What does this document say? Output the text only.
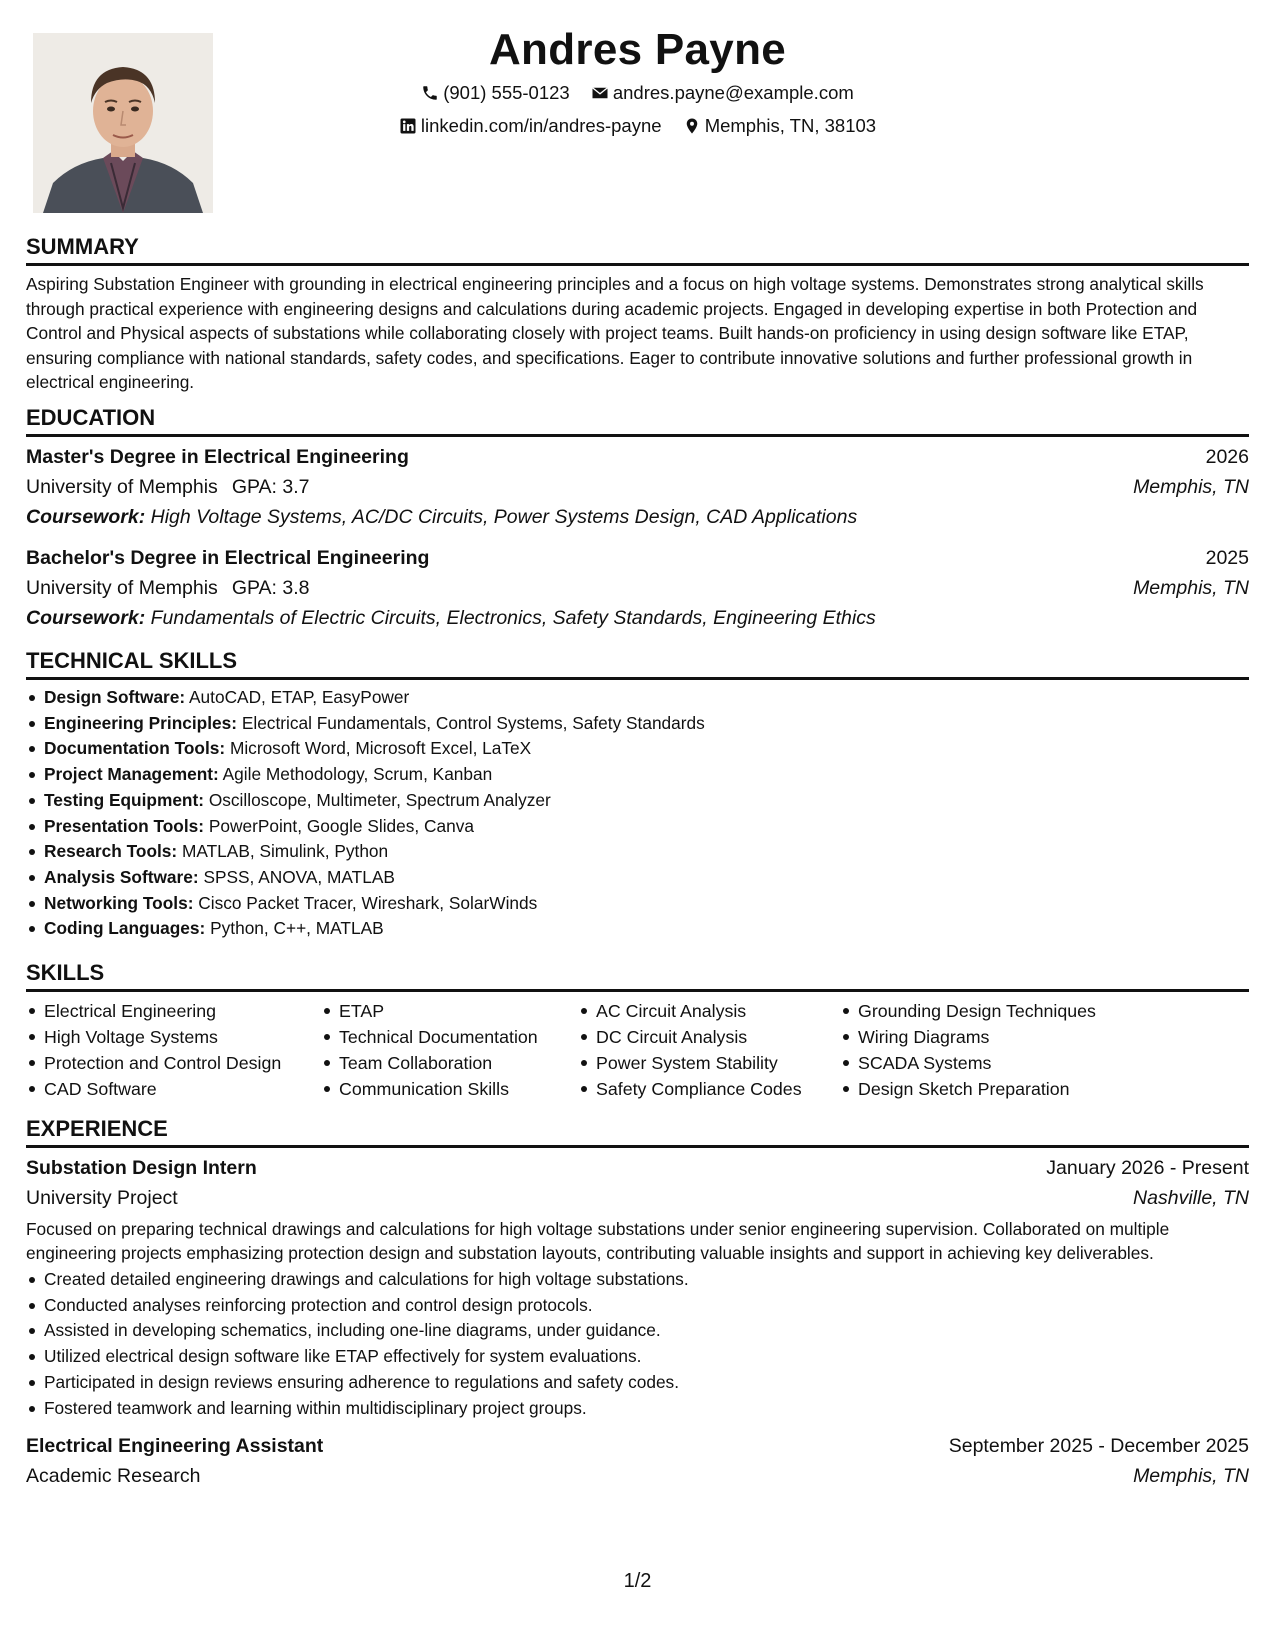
Andres Payne
(901) 555-0123
andres.payne@example.com
linkedin.com/in/andres-payne
Memphis, TN, 38103
SUMMARY
Aspiring Substation Engineer with grounding in electrical engineering principles and a focus on high voltage systems. Demonstrates strong analytical skills through practical experience with engineering designs and calculations during academic projects. Engaged in developing expertise in both Protection and Control and Physical aspects of substations while collaborating closely with project teams. Built hands-on proficiency in using design software like ETAP, ensuring compliance with national standards, safety codes, and specifications. Eager to contribute innovative solutions and further professional growth in electrical engineering.
EDUCATION
Master's Degree in Electrical Engineering	2026
University of Memphis GPA: 3.7	Memphis, TN
Coursework: High Voltage Systems, AC/DC Circuits, Power Systems Design, CAD Applications
Bachelor's Degree in Electrical Engineering	2025
University of Memphis GPA: 3.8	Memphis, TN
Coursework: Fundamentals of Electric Circuits, Electronics, Safety Standards, Engineering Ethics
TECHNICAL SKILLS
Design Software: AutoCAD, ETAP, EasyPower
Engineering Principles: Electrical Fundamentals, Control Systems, Safety Standards
Documentation Tools: Microsoft Word, Microsoft Excel, LaTeX
Project Management: Agile Methodology, Scrum, Kanban
Testing Equipment: Oscilloscope, Multimeter, Spectrum Analyzer
Presentation Tools: PowerPoint, Google Slides, Canva
Research Tools: MATLAB, Simulink, Python
Analysis Software: SPSS, ANOVA, MATLAB
Networking Tools: Cisco Packet Tracer, Wireshark, SolarWinds
Coding Languages: Python, C++, MATLAB
SKILLS
Electrical Engineering
High Voltage Systems
Protection and Control Design
CAD Software
ETAP
Technical Documentation
Team Collaboration
Communication Skills
AC Circuit Analysis
DC Circuit Analysis
Power System Stability
Safety Compliance Codes
Grounding Design Techniques
Wiring Diagrams
SCADA Systems
Design Sketch Preparation
EXPERIENCE
Substation Design Intern	January 2026 - Present
University Project	Nashville, TN
Focused on preparing technical drawings and calculations for high voltage substations under senior engineering supervision. Collaborated on multiple engineering projects emphasizing protection design and substation layouts, contributing valuable insights and support in achieving key deliverables.
Created detailed engineering drawings and calculations for high voltage substations.
Conducted analyses reinforcing protection and control design protocols.
Assisted in developing schematics, including one-line diagrams, under guidance.
Utilized electrical design software like ETAP effectively for system evaluations.
Participated in design reviews ensuring adherence to regulations and safety codes.
Fostered teamwork and learning within multidisciplinary project groups.
Electrical Engineering Assistant	September 2025 - December 2025
Academic Research	Memphis, TN
1/2
